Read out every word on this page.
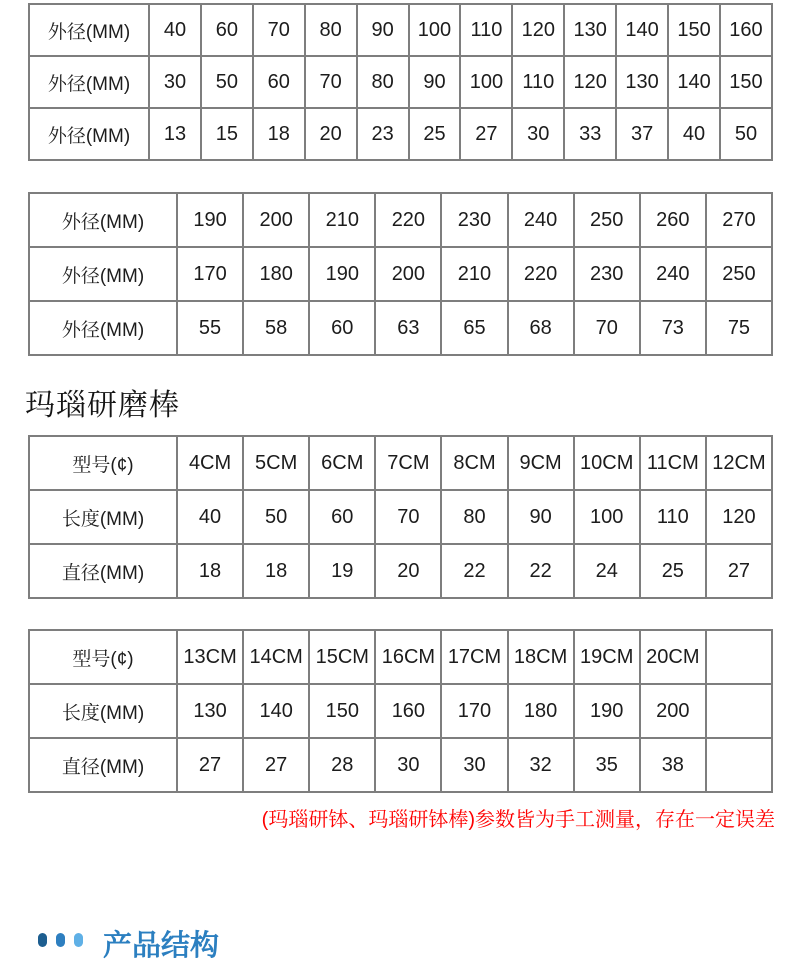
外径(MM)	40	60	70	80	90	100	110	120	130	140	150	160
外径(MM)	30	50	60	70	80	90	100	110	120	130	140	150
外径(MM)	13	15	18	20	23	25	27	30	33	37	40	50
外径(MM)	190	200	210	220	230	240	250	260	270
外径(MM)	170	180	190	200	210	220	230	240	250
外径(MM)	55	58	60	63	65	68	70	73	75
玛瑙研磨棒
型号(¢)	4CM	5CM	6CM	7CM	8CM	9CM	10CM	11CM	12CM
长度(MM)	40	50	60	70	80	90	100	110	120
直径(MM)	18	18	19	20	22	22	24	25	27
型号(¢)	13CM	14CM	15CM	16CM	17CM	18CM	19CM	20CM	
长度(MM)	130	140	150	160	170	180	190	200	
直径(MM)	27	27	28	30	30	32	35	38	
(玛瑙研钵、玛瑙研钵棒)参数皆为手工测量，存在一定误差
产品结构
